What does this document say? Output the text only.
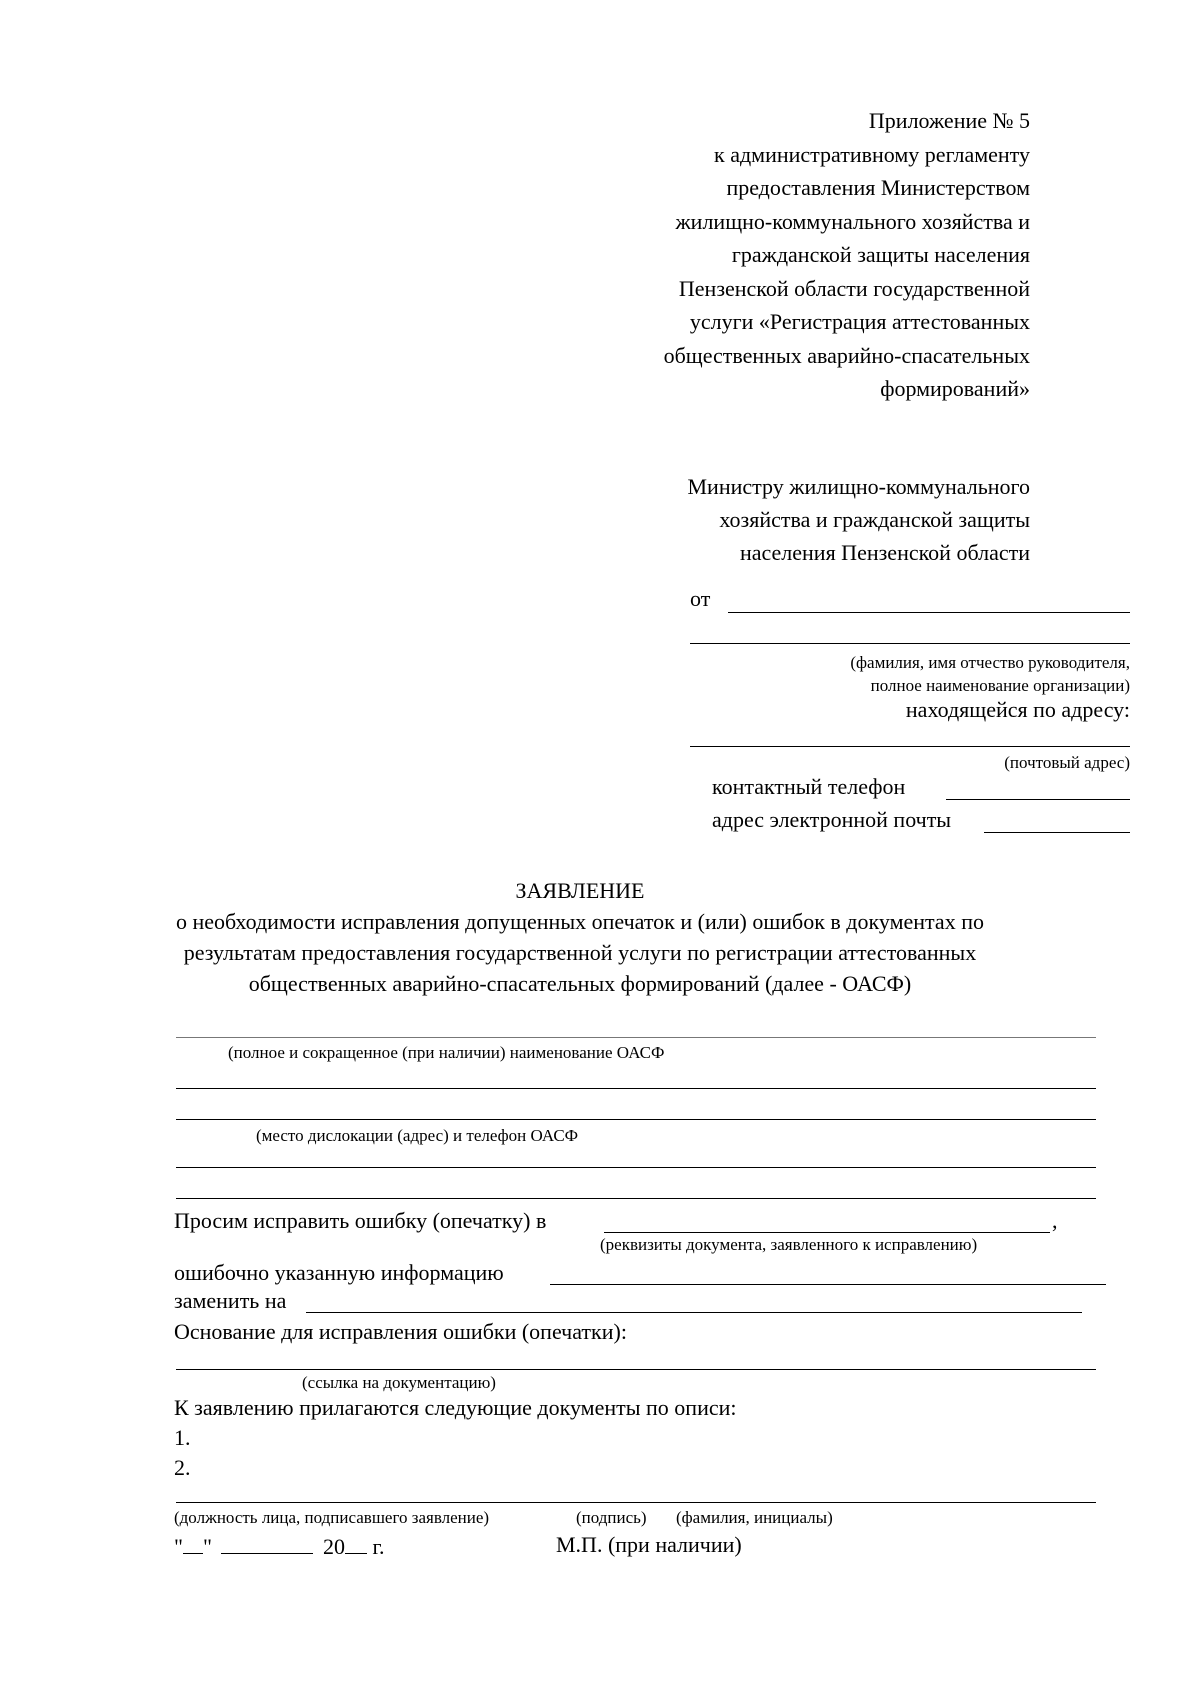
Приложение № 5
к административному регламенту
предоставления Министерством
жилищно-коммунального хозяйства и
гражданской защиты населения
Пензенской области государственной
услуги «Регистрация аттестованных
общественных аварийно-спасательных
формирований»
Министру жилищно-коммунального
хозяйства и гражданской защиты
населения Пензенской области
от
(фамилия, имя отчество руководителя,
полное наименование организации)
находящейся по адресу:
(почтовый адрес)
контактный телефон
адрес электронной почты
ЗАЯВЛЕНИЕ
о необходимости исправления допущенных опечаток и (или) ошибок в документах по
результатам предоставления государственной услуги по регистрации аттестованных
общественных аварийно-спасательных формирований (далее - ОАСФ)
(полное и сокращенное (при наличии) наименование ОАСФ
(место дислокации (адрес) и телефон ОАСФ
Просим исправить ошибку (опечатку) в	,
(реквизиты документа, заявленного к исправлению)
ошибочно указанную информацию
заменить на
Основание для исправления ошибки (опечатки):
(ссылка на документацию)
К заявлению прилагаются следующие документы по описи:
1.
2.
(должность лица, подписавшего заявление)	(подпись) (фамилия, инициалы)
" "	20 г.	М.П. (при наличии)
